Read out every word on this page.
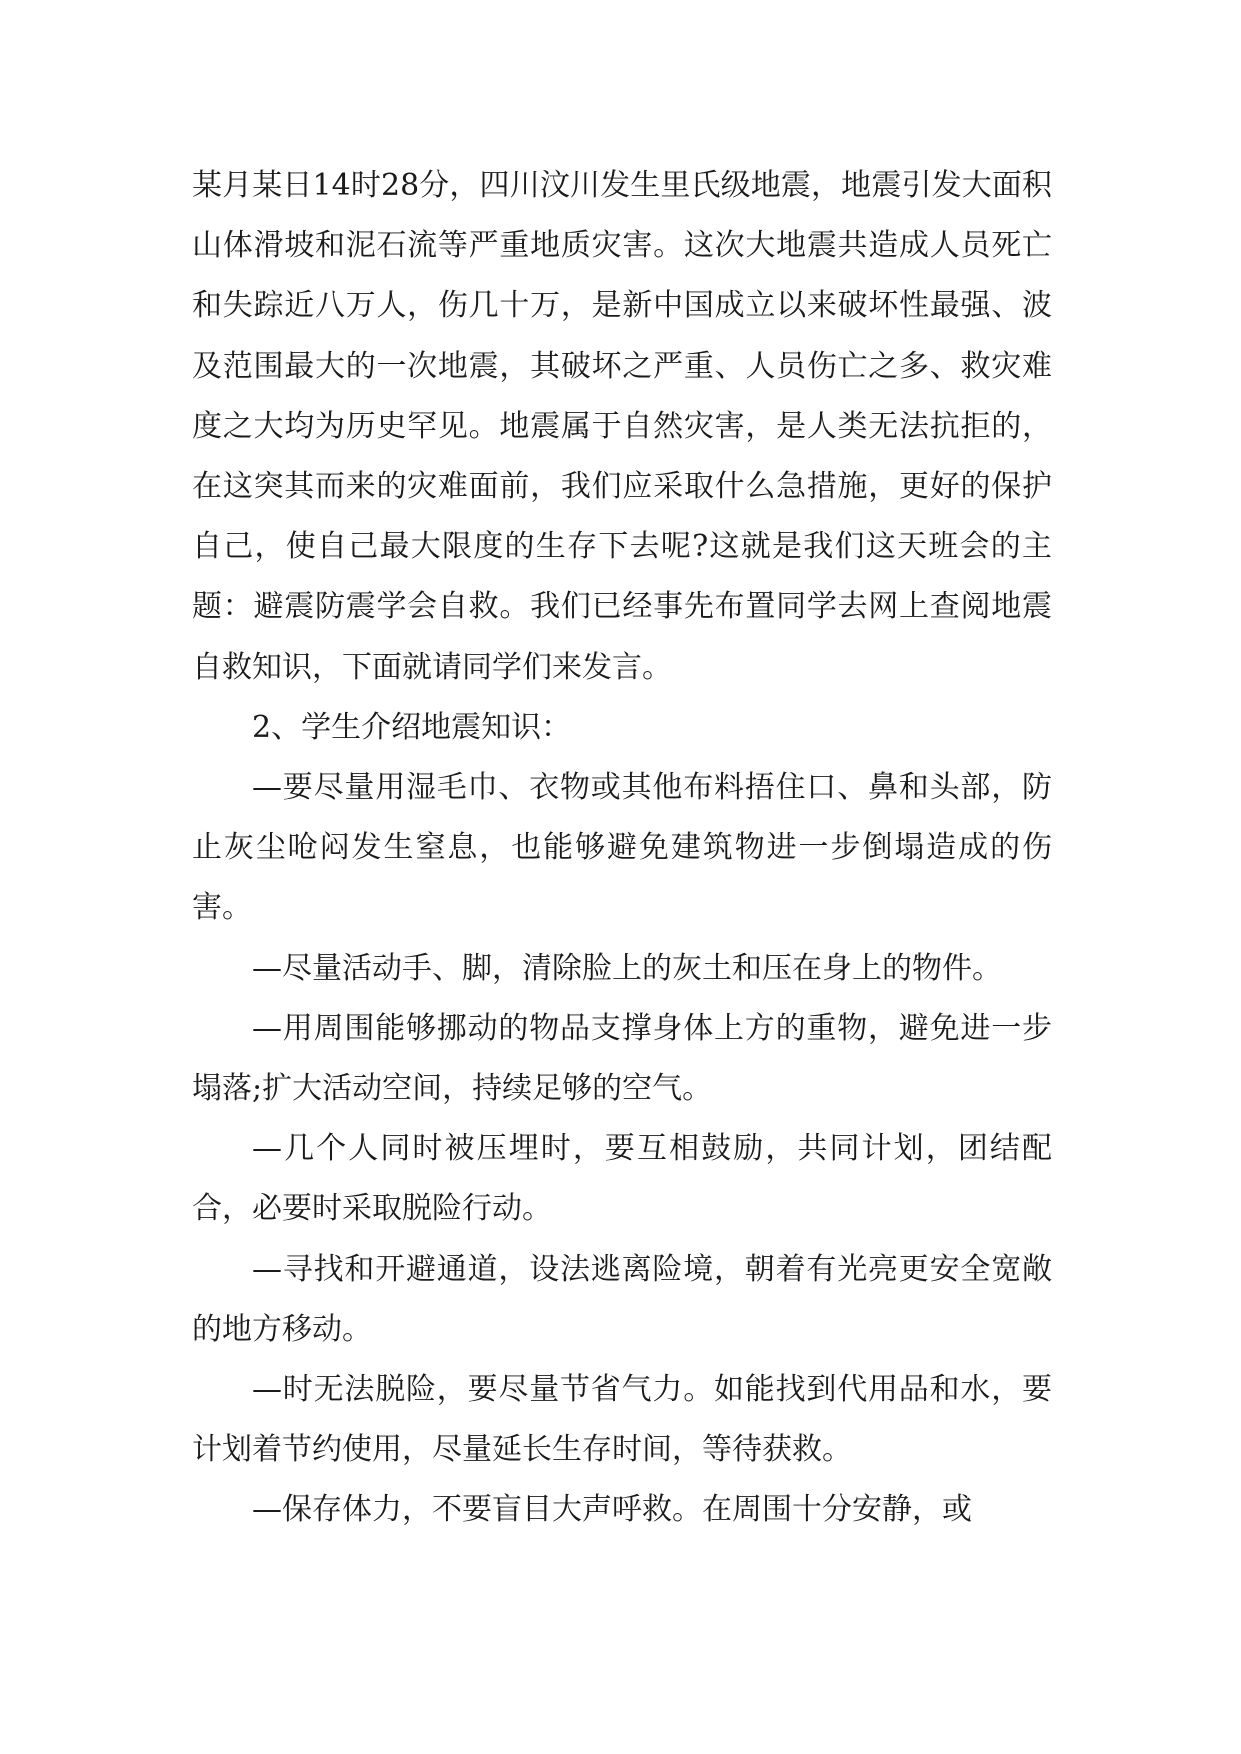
某月某日14时28分，四川汶川发生里氏级地震，地震引发大面积山体滑坡和泥石流等严重地质灾害。这次大地震共造成人员死亡和失踪近八万人，伤几十万，是新中国成立以来破坏性最强、波及范围最大的一次地震，其破坏之严重、人员伤亡之多、救灾难度之大均为历史罕见。地震属于自然灾害，是人类无法抗拒的，在这突其而来的灾难面前，我们应采取什么急措施，更好的保护自己，使自己最大限度的生存下去呢?这就是我们这天班会的主题：避震防震学会自救。我们已经事先布置同学去网上查阅地震自救知识，下面就请同学们来发言。

2、学生介绍地震知识：

—要尽量用湿毛巾、衣物或其他布料捂住口、鼻和头部，防止灰尘呛闷发生窒息，也能够避免建筑物进一步倒塌造成的伤害。

—尽量活动手、脚，清除脸上的灰土和压在身上的物件。

—用周围能够挪动的物品支撑身体上方的重物，避免进一步塌落;扩大活动空间，持续足够的空气。

—几个人同时被压埋时，要互相鼓励，共同计划，团结配合，必要时采取脱险行动。

—寻找和开避通道，设法逃离险境，朝着有光亮更安全宽敞的地方移动。

—时无法脱险，要尽量节省气力。如能找到代用品和水，要计划着节约使用，尽量延长生存时间，等待获救。

—保存体力，不要盲目大声呼救。在周围十分安静，或
